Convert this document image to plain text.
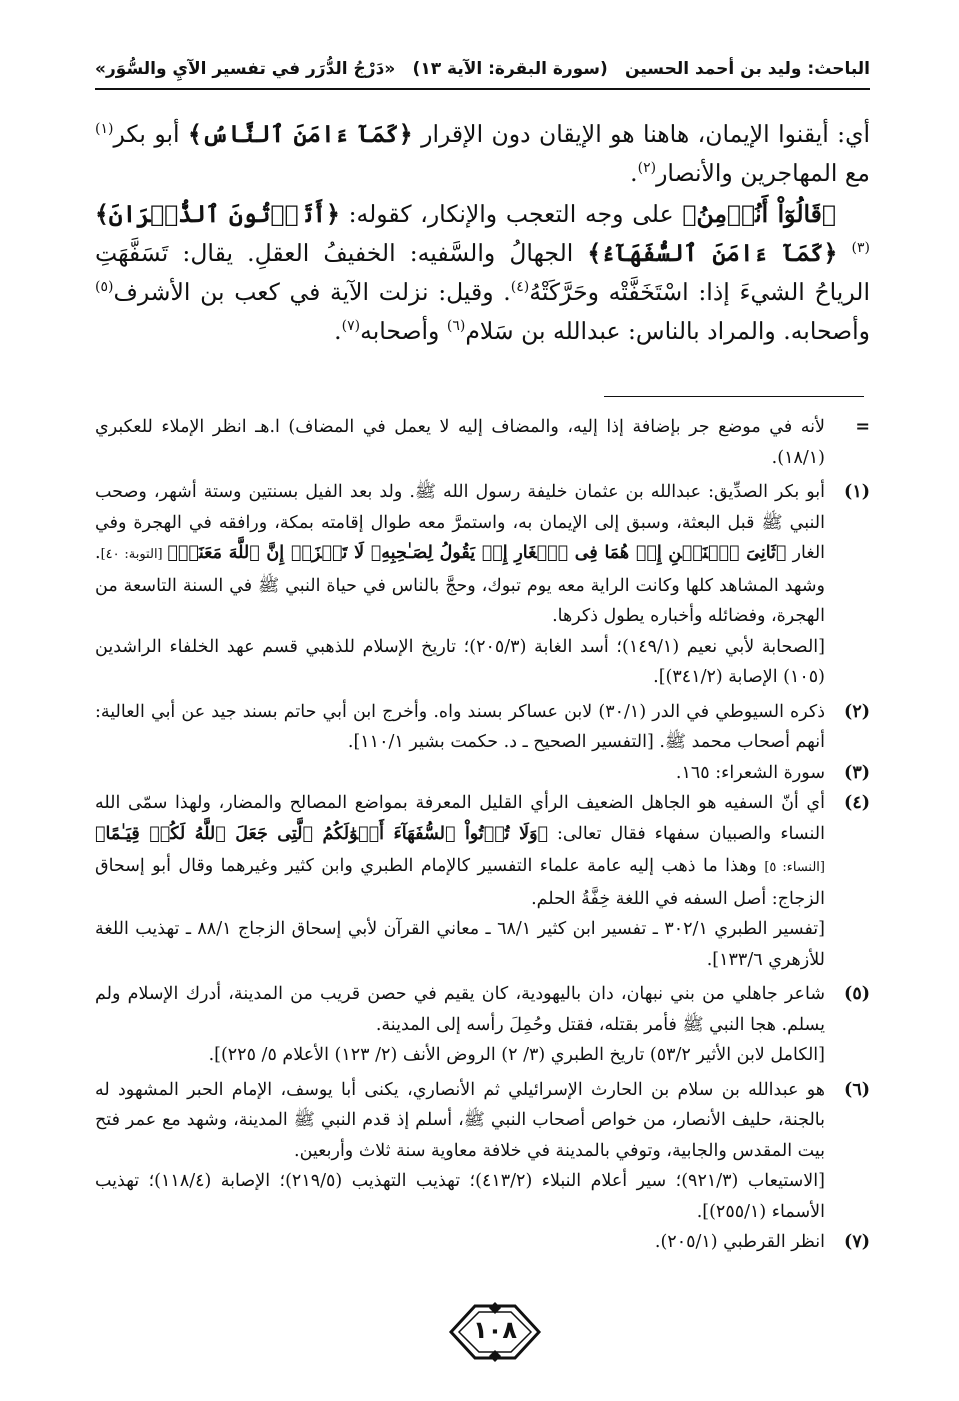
الباحث: وليد بن أحمد الحسين
(سورة البقرة: الآية ١٣)
«دَرْجُ الدُّرَر في تفسير الآيِ والسُّوَر»

أي: أيقنوا الإيمان، هاهنا هو الإيقان دون الإقرار ﴿كَمَآ ءَامَنَ ٱلنَّاسُ﴾ أبو بكر$^{(١)}$ مع المهاجرين والأنصار$^{(٢)}$.

﴿قَالُوٓاْ أَنُؤۡمِنُ﴾ على وجه التعجب والإنكار، كقوله: ﴿أَتَأۡتُونَ ٱلذُّكۡرَانَ﴾$^{(٣)}$ ﴿كَمَآ ءَامَنَ ٱلسُّفَهَآءُ﴾ الجهالُ والسَّفيه: الخفيفُ العقلِ. يقال: تَسَفَّهَتِ الرياحُ الشيءَ إذا: اسْتَخَفَّتْه وحَرَّكَتْهُ$^{(٤)}$. وقيل: نزلت الآية في كعب بن الأشرف$^{(٥)}$ وأصحابه. والمراد بالناس: عبدالله بن سَلام$^{(٦)}$ وأصحابه$^{(٧)}$.

=

لأنه في موضع جر بإضافة إذا إليه، والمضاف إليه لا يعمل في المضاف) ا.هـ انظر الإملاء للعكبري (١٨/١).

(١)

أبو بكر الصدِّيق: عبدالله بن عثمان خليفة رسول الله ﷺ. ولد بعد الفيل بسنتين وستة أشهر، وصحب النبي ﷺ قبل البعثة، وسبق إلى الإيمان به، واستمرَّ معه طوال إقامته بمكة، ورافقه في الهجرة وفي الغار ﴿ثَانِىَ ٱثۡنَيۡنِ إِذۡ هُمَا فِى ٱلۡغَارِ إِذۡ يَقُولُ لِصَـٰحِبِهِۦ لَا تَحۡزَنۡ إِنَّ ٱللَّهَ مَعَنَاۖ﴾ [التوبة: ٤٠]. وشهد المشاهد كلها وكانت الراية معه يوم تبوك، وحجَّ بالناس في حياة النبي ﷺ في السنة التاسعة من الهجرة، وفضائله وأخباره يطول ذكرها.

[الصحابة لأبي نعيم (١٤٩/١)؛ أسد الغابة (٢٠٥/٣)؛ تاريخ الإسلام للذهبي قسم عهد الخلفاء الراشدين (١٠٥) الإصابة (٣٤١/٢)].

(٢)

ذكره السيوطي في الدر (٣٠/١) لابن عساكر بسند واه. وأخرج ابن أبي حاتم بسند جيد عن أبي العالية: أنهم أصحاب محمد ﷺ. [التفسير الصحيح ـ د. حكمت بشير ١١٠/١].

(٣)

سورة الشعراء: ١٦٥.

(٤)

أي أنّ السفيه هو الجاهل الضعيف الرأي القليل المعرفة بمواضع المصالح والمضار، ولهذا سمّى الله النساء والصبيان سفهاء فقال تعالى: ﴿وَلَا تُؤۡتُواْ ٱلسُّفَهَآءَ أَمۡوَٰلَكُمُ ٱلَّتِى جَعَلَ ٱللَّهُ لَكُمۡ قِيَـٰمًا﴾ [النساء: ٥] وهذا ما ذهب إليه عامة علماء التفسير كالإمام الطبري وابن كثير وغيرهما وقال أبو إسحاق الزجاج: أصل السفه في اللغة خِفَّةُ الحلم.

[تفسير الطبري ٣٠٢/١ ـ تفسير ابن كثير ٦٨/١ ـ معاني القرآن لأبي إسحاق الزجاج ٨٨/١ ـ تهذيب اللغة للأزهري ١٣٣/٦].

(٥)

شاعر جاهلي من بني نبهان، دان باليهودية، كان يقيم في حصن قريب من المدينة، أدرك الإسلام ولم يسلم. هجا النبي ﷺ فأمر بقتله، فقتل وحُمِلَ رأسه إلى المدينة.

[الكامل لابن الأثير ٥٣/٢) تاريخ الطبري (٣/ ٢) الروض الأنف (٢/ ١٢٣) الأعلام ٥/ ٢٢٥)].

(٦)

هو عبدالله بن سلام بن الحارث الإسرائيلي ثم الأنصاري، يكنى أبا يوسف، الإمام الحبر المشهود له بالجنة، حليف الأنصار، من خواص أصحاب النبي ﷺ، أسلم إذ قدم النبي ﷺ المدينة، وشهد مع عمر فتح بيت المقدس والجابية، وتوفي بالمدينة في خلافة معاوية سنة ثلاث وأربعين.

[الاستيعاب (٩٢١/٣)؛ سير أعلام النبلاء (٤١٣/٢)؛ تهذيب التهذيب (٢١٩/٥)؛ الإصابة (١١٨/٤)؛ تهذيب الأسماء (٢٥٥/١)].

(٧)

انظر القرطبي (٢٠٥/١).

١٠٨
